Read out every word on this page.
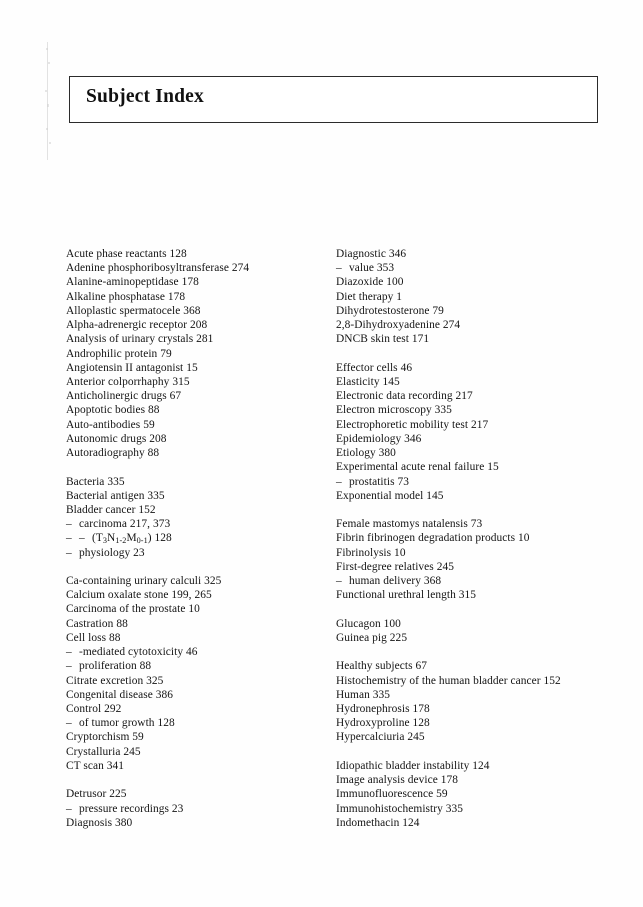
Subject Index
Acute phase reactants 128
Adenine phosphoribosyltransferase 274
Alanine-aminopeptidase 178
Alkaline phosphatase 178
Alloplastic spermatocele 368
Alpha-adrenergic receptor 208
Analysis of urinary crystals 281
Androphilic protein 79
Angiotensin II antagonist 15
Anterior colporrhaphy 315
Anticholinergic drugs 67
Apoptotic bodies 88
Auto-antibodies 59
Autonomic drugs 208
Autoradiography 88
Bacteria 335
Bacterial antigen 335
Bladder cancer 152
– carcinoma 217, 373
– – $(T_3N_{1-2}M_{0-1})$ 128
– physiology 23
Ca-containing urinary calculi 325
Calcium oxalate stone 199, 265
Carcinoma of the prostate 10
Castration 88
Cell loss 88
– -mediated cytotoxicity 46
– proliferation 88
Citrate excretion 325
Congenital disease 386
Control 292
– of tumor growth 128
Cryptorchism 59
Crystalluria 245
CT scan 341
Detrusor 225
– pressure recordings 23
Diagnosis 380
Diagnostic 346
– value 353
Diazoxide 100
Diet therapy 1
Dihydrotestosterone 79
2,8-Dihydroxyadenine 274
DNCB skin test 171
Effector cells 46
Elasticity 145
Electronic data recording 217
Electron microscopy 335
Electrophoretic mobility test 217
Epidemiology 346
Etiology 380
Experimental acute renal failure 15
– prostatitis 73
Exponential model 145
Female mastomys natalensis 73
Fibrin fibrinogen degradation products 10
Fibrinolysis 10
First-degree relatives 245
– human delivery 368
Functional urethral length 315
Glucagon 100
Guinea pig 225
Healthy subjects 67
Histochemistry of the human bladder cancer 152
Human 335
Hydronephrosis 178
Hydroxyproline 128
Hypercalciuria 245
Idiopathic bladder instability 124
Image analysis device 178
Immunofluorescence 59
Immunohistochemistry 335
Indomethacin 124
